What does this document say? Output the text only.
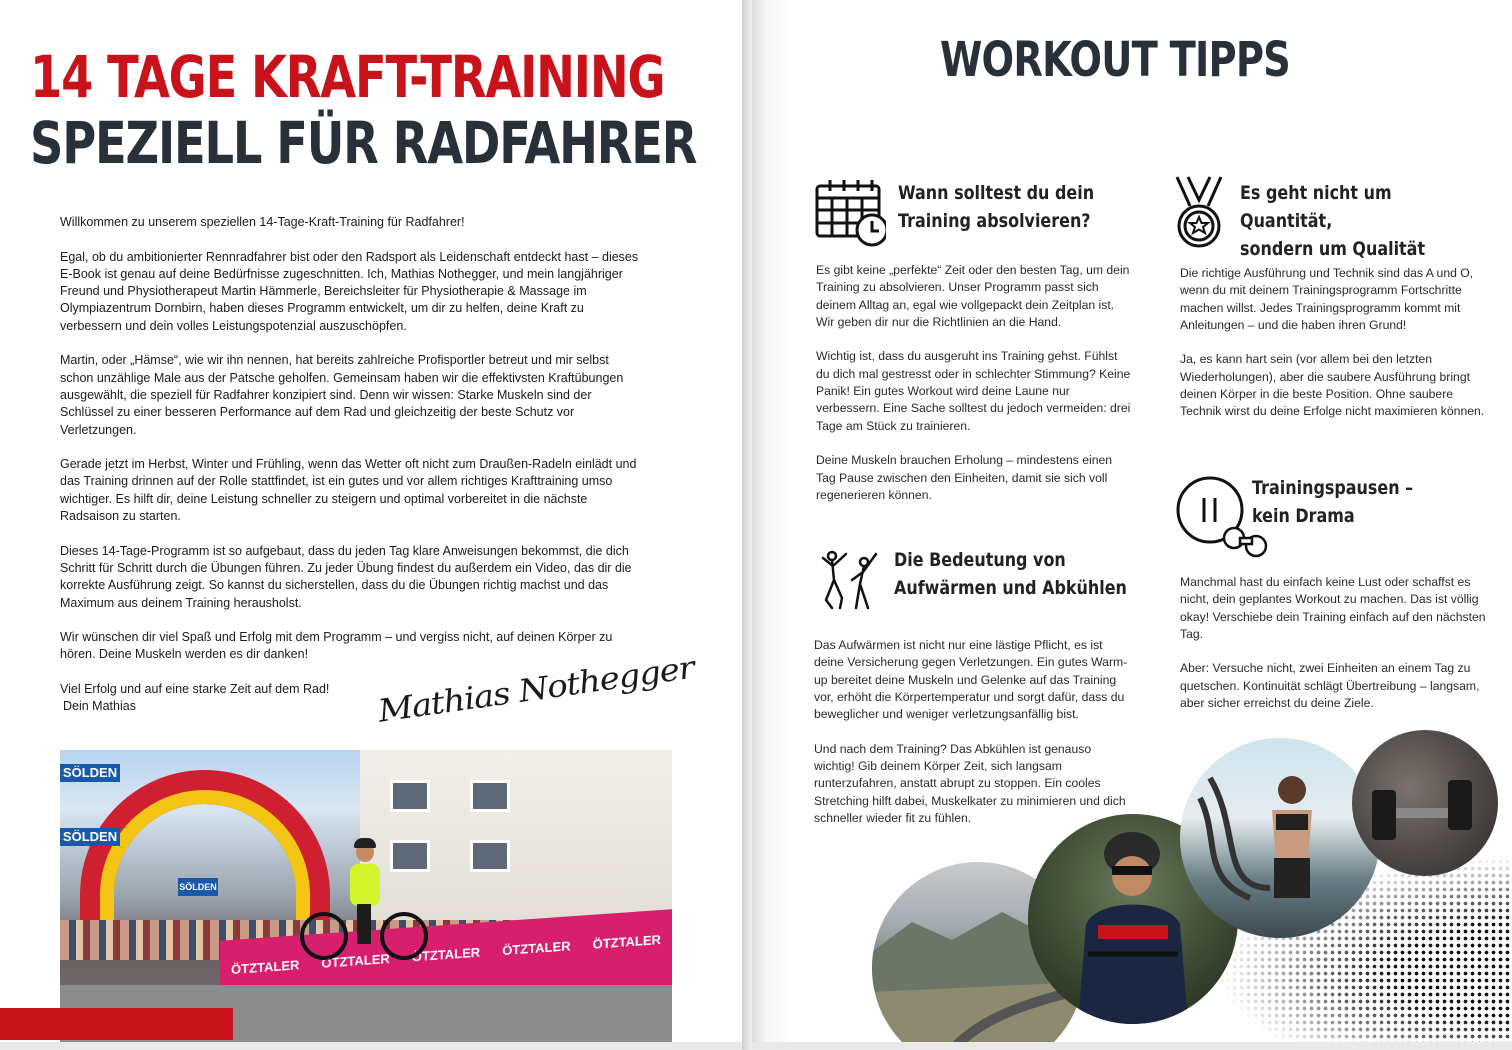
14 TAGE KRAFT-TRAINING
SPEZIELL FÜR RADFAHRER

Willkommen zu unserem speziellen 14-Tage-Kraft-Training für Radfahrer!

Egal, ob du ambitionierter Rennradfahrer bist oder den Radsport als Leidenschaft entdeckt hast – dieses E-Book ist genau auf deine Bedürfnisse zugeschnitten. Ich, Mathias Nothegger, und mein langjähriger Freund und Physiotherapeut Martin Hämmerle, Bereichsleiter für Physiotherapie & Massage im Olympiazentrum Dornbirn, haben dieses Programm entwickelt, um dir zu helfen, deine Kraft zu verbessern und dein volles Leistungspotenzial auszuschöpfen.

Martin, oder „Hämse“, wie wir ihn nennen, hat bereits zahlreiche Profisportler betreut und mir selbst schon unzählige Male aus der Patsche geholfen. Gemeinsam haben wir die effektivsten Kraftübungen ausgewählt, die speziell für Radfahrer konzipiert sind. Denn wir wissen: Starke Muskeln sind der Schlüssel zu einer besseren Performance auf dem Rad und gleichzeitig der beste Schutz vor Verletzungen.

Gerade jetzt im Herbst, Winter und Frühling, wenn das Wetter oft nicht zum Draußen-Radeln einlädt und das Training drinnen auf der Rolle stattfindet, ist ein gutes und vor allem richtiges Krafttraining umso wichtiger. Es hilft dir, deine Leistung schneller zu steigern und optimal vorbereitet in die nächste Radsaison zu starten.

Dieses 14-Tage-Programm ist so aufgebaut, dass du jeden Tag klare Anweisungen bekommst, die dich Schritt für Schritt durch die Übungen führen. Zu jeder Übung findest du außerdem ein Video, das dir die korrekte Ausführung zeigt. So kannst du sicherstellen, dass du die Übungen richtig machst und das Maximum aus deinem Training herausholst.

Wir wünschen dir viel Spaß und Erfolg mit dem Programm – und vergiss nicht, auf deinen Körper zu hören. Deine Muskeln werden es dir danken!

Viel Erfolg und auf eine starke Zeit auf dem Rad!
Dein Mathias	Mathias Nothegger
SÖLDEN
SÖLDEN
SÖLDEN
ÖTZTALER ÖTZTALER ÖTZTALER ÖTZTALER ÖTZTALER
WORKOUT TIPPS
Wann solltest du dein
Training absolvieren?

Es gibt keine „perfekte“ Zeit oder den besten Tag, um dein Training zu absolvieren. Unser Programm passt sich deinem Alltag an, egal wie vollgepackt dein Zeitplan ist. Wir geben dir nur die Richtlinien an die Hand.

Wichtig ist, dass du ausgeruht ins Training gehst. Fühlst du dich mal gestresst oder in schlechter Stimmung? Keine Panik! Ein gutes Workout wird deine Laune nur verbessern. Eine Sache solltest du jedoch vermeiden: drei Tage am Stück zu trainieren.

Deine Muskeln brauchen Erholung – mindestens einen Tag Pause zwischen den Einheiten, damit sie sich voll regenerieren können.

Es geht nicht um Quantität,
sondern um Qualität

Die richtige Ausführung und Technik sind das A und O, wenn du mit deinem Trainingsprogramm Fortschritte machen willst. Jedes Trainingsprogramm kommt mit Anleitungen – und die haben ihren Grund!

Ja, es kann hart sein (vor allem bei den letzten Wiederholungen), aber die saubere Ausführung bringt deinen Körper in die beste Position. Ohne saubere Technik wirst du deine Erfolge nicht maximieren können.

Die Bedeutung von
Aufwärmen und Abkühlen

Das Aufwärmen ist nicht nur eine lästige Pflicht, es ist deine Versicherung gegen Verletzungen. Ein gutes Warm-up bereitet deine Muskeln und Gelenke auf das Training vor, erhöht die Körpertemperatur und sorgt dafür, dass du beweglicher und weniger verletzungsanfällig bist.

Und nach dem Training? Das Abkühlen ist genauso wichtig! Gib deinem Körper Zeit, sich langsam runterzufahren, anstatt abrupt zu stoppen. Ein cooles Stretching hilft dabei, Muskelkater zu minimieren und dich schneller wieder fit zu fühlen.

Trainingspausen –
kein Drama

Manchmal hast du einfach keine Lust oder schaffst es nicht, dein geplantes Workout zu machen. Das ist völlig okay! Verschiebe dein Training einfach auf den nächsten Tag.

Aber: Versuche nicht, zwei Einheiten an einem Tag zu quetschen. Kontinuität schlägt Übertreibung – langsam, aber sicher erreichst du deine Ziele.
